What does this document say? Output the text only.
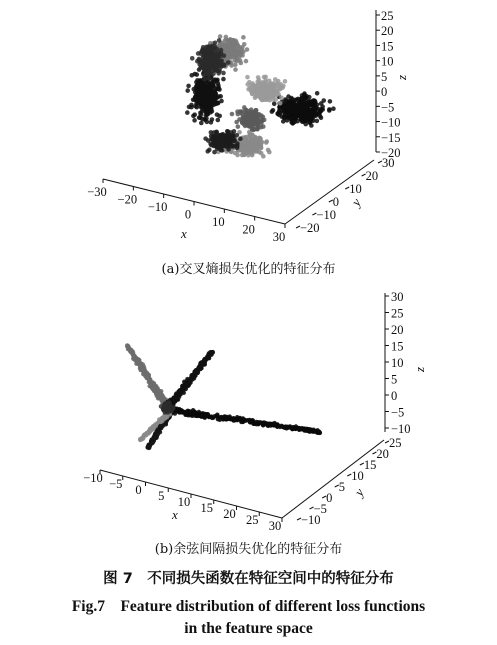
−30
−20
−10
0
10
20
30
x	−20
−10
0
10
20
30
y
−20
−15
−10
−5
0
5
10
15
20
25
z
−10 −5 0 5 10 15 20 25 30
x	−10
−5
0
5
10
15
20
25
y
−10
−5
0
5
10
15
20
25
30
z
(a)交叉熵损失优化的特征分布
(b)余弦间隔损失优化的特征分布
图 7　不同损失函数在特征空间中的特征分布
Fig.7　Feature distribution of different loss functions
in the feature space
